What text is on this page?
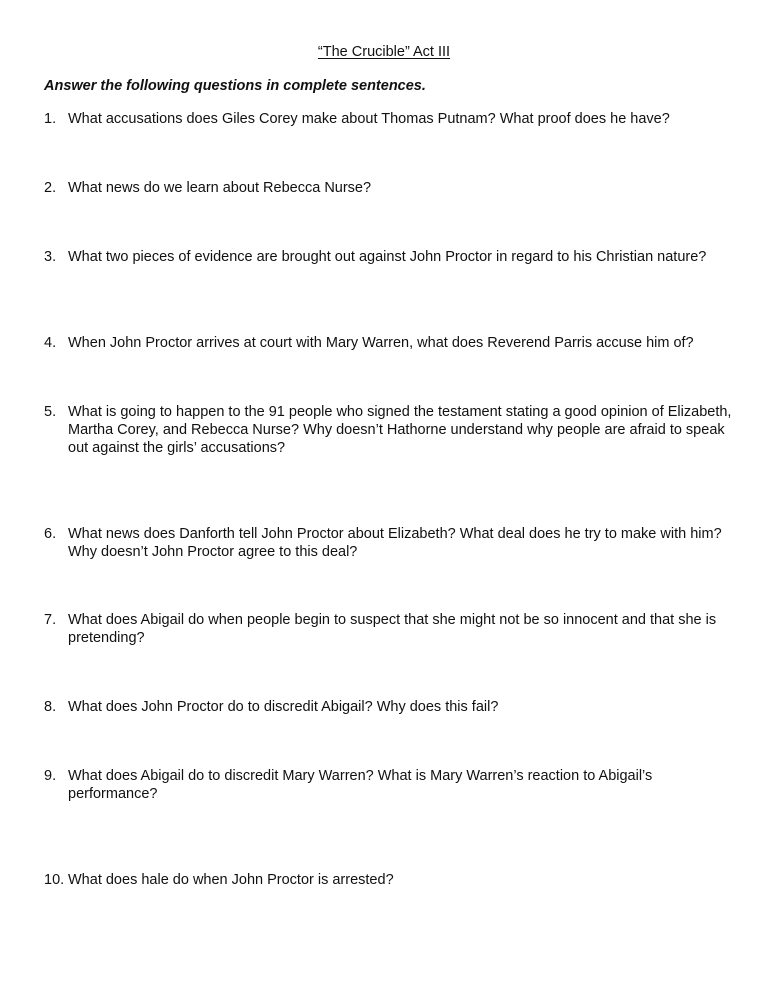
“The Crucible” Act III
Answer the following questions in complete sentences.
1. What accusations does Giles Corey make about Thomas Putnam? What proof does he have?
2. What news do we learn about Rebecca Nurse?
3. What two pieces of evidence are brought out against John Proctor in regard to his Christian nature?
4. When John Proctor arrives at court with Mary Warren, what does Reverend Parris accuse him of?
5. What is going to happen to the 91 people who signed the testament stating a good opinion of Elizabeth, Martha Corey, and Rebecca Nurse? Why doesn’t Hathorne understand why people are afraid to speak out against the girls’ accusations?
6. What news does Danforth tell John Proctor about Elizabeth? What deal does he try to make with him? Why doesn’t John Proctor agree to this deal?
7. What does Abigail do when people begin to suspect that she might not be so innocent and that she is pretending?
8. What does John Proctor do to discredit Abigail? Why does this fail?
9. What does Abigail do to discredit Mary Warren? What is Mary Warren’s reaction to Abigail’s performance?
10. What does hale do when John Proctor is arrested?
